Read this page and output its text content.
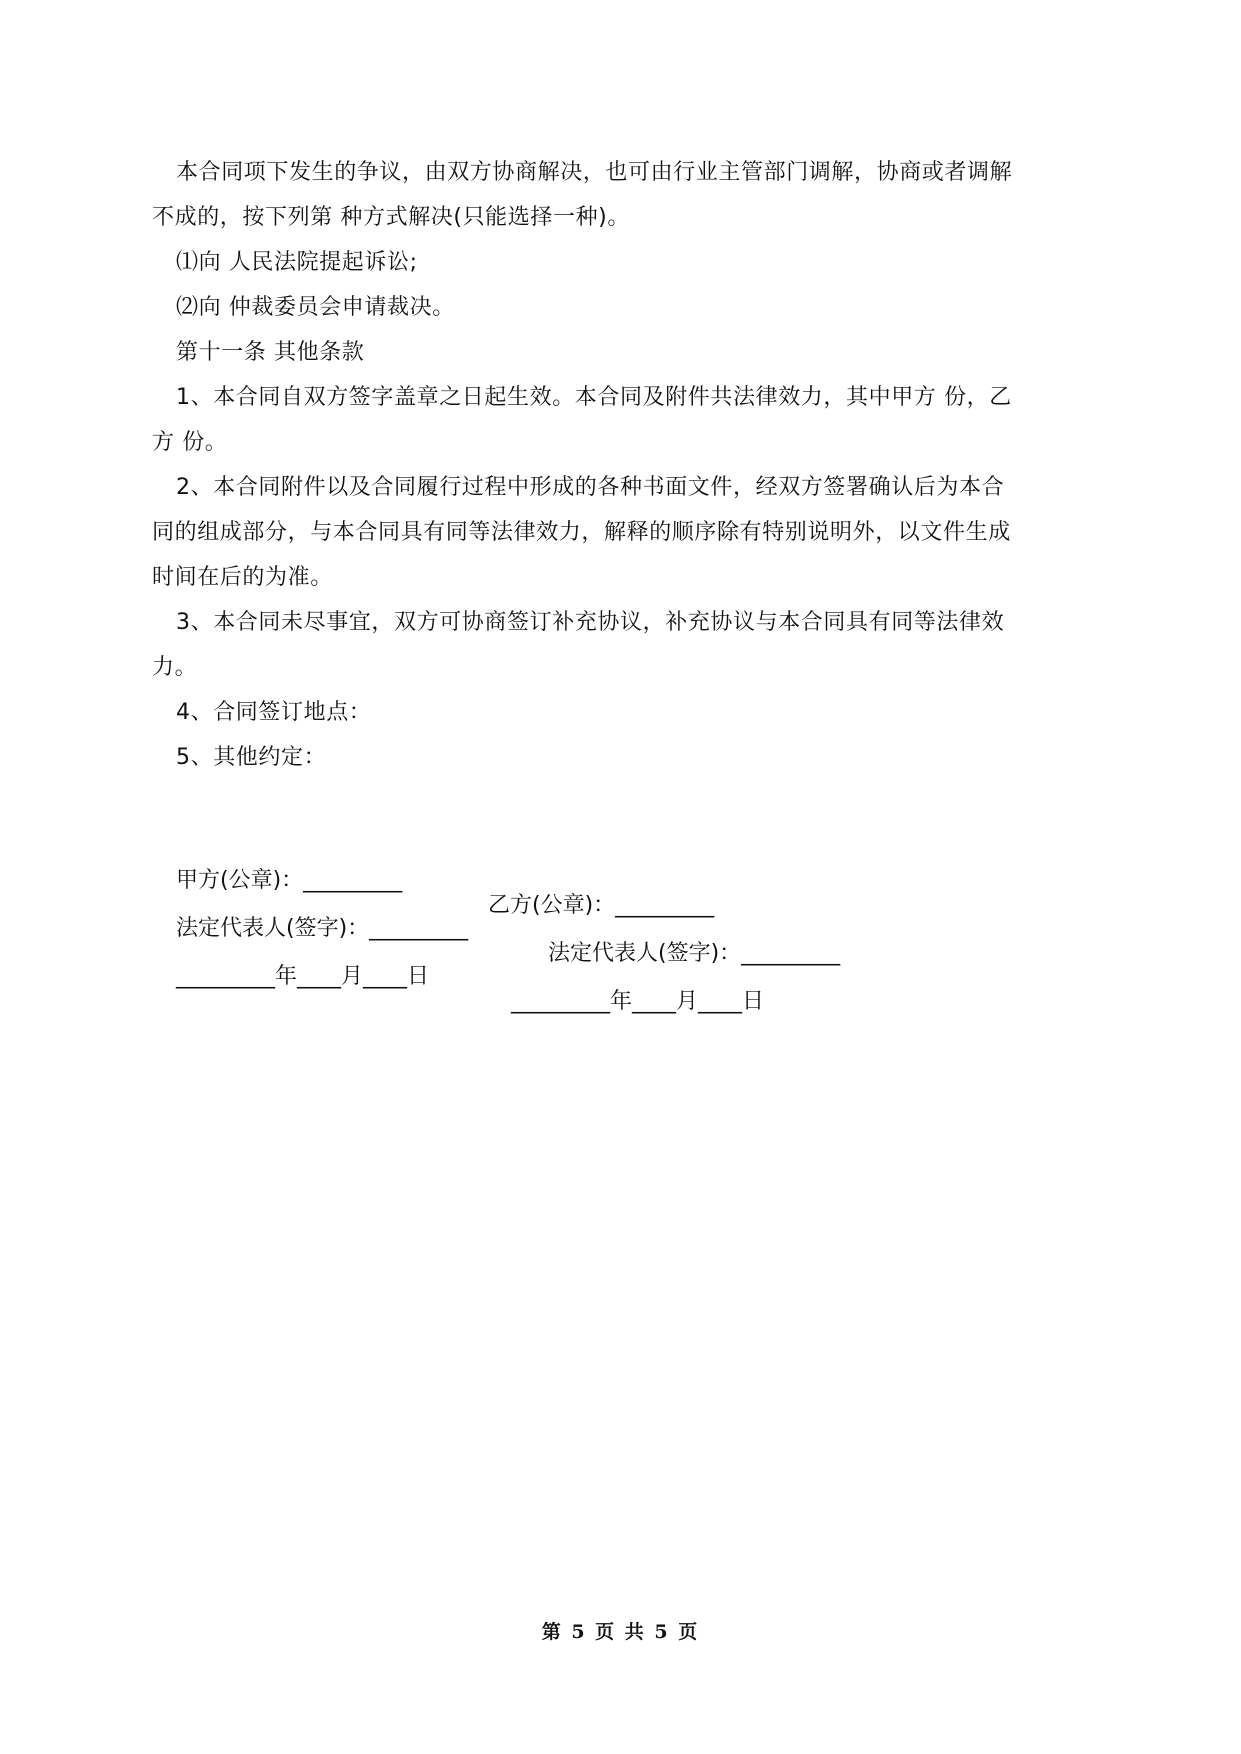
本合同项下发生的争议，由双方协商解决，也可由行业主管部门调解，协商或者调解

不成的，按下列第 种方式解决(只能选择一种)。

⑴向 人民法院提起诉讼;

⑵向 仲裁委员会申请裁决。

第十一条 其他条款

1、本合同自双方签字盖章之日起生效。本合同及附件共法律效力，其中甲方 份，乙

方 份。

2、本合同附件以及合同履行过程中形成的各种书面文件，经双方签署确认后为本合

同的组成部分，与本合同具有同等法律效力，解释的顺序除有特别说明外，以文件生成

时间在后的为准。

3、本合同未尽事宜，双方可协商签订补充协议，补充协议与本合同具有同等法律效

力。

4、合同签订地点：

5、其他约定：

甲方(公章)：_________

乙方(公章)：_________

法定代表人(签字)：_________

法定代表人(签字)：_________

_________年____月____日

_________年____月____日

第 5 页 共 5 页
